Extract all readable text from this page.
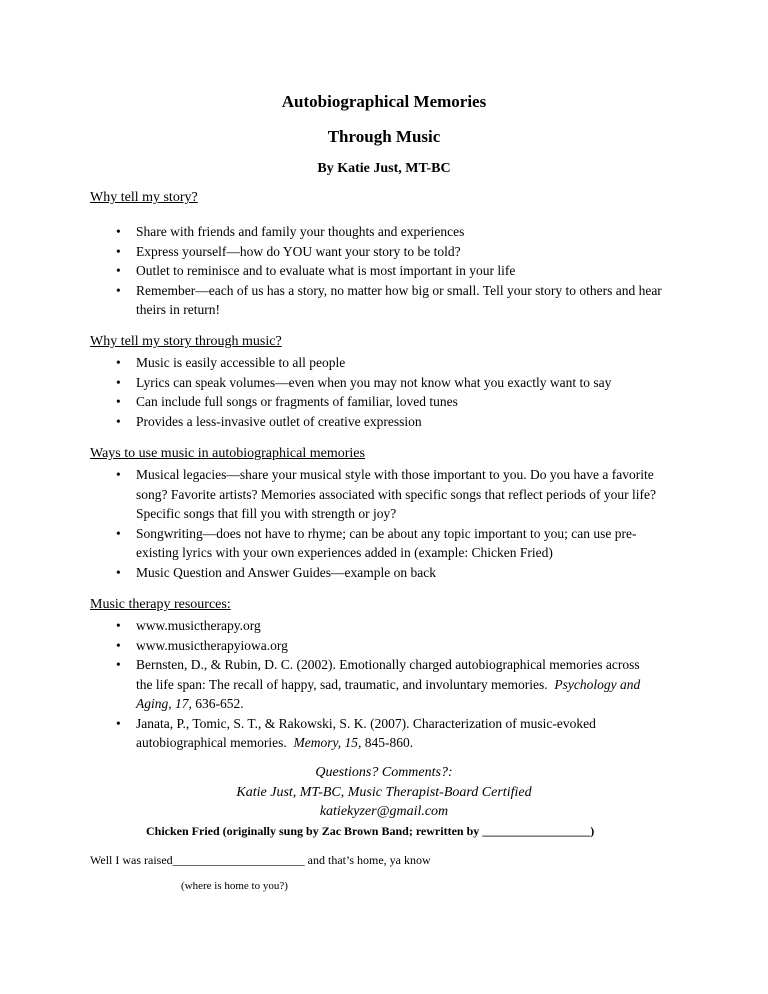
Autobiographical Memories
Through Music
By Katie Just, MT-BC
Why tell my story?
• Share with friends and family your thoughts and experiences
• Express yourself—how do YOU want your story to be told?
• Outlet to reminisce and to evaluate what is most important in your life
• Remember—each of us has a story, no matter how big or small. Tell your story to others and hear
theirs in return!
Why tell my story through music?
• Music is easily accessible to all people
• Lyrics can speak volumes—even when you may not know what you exactly want to say
• Can include full songs or fragments of familiar, loved tunes
• Provides a less-invasive outlet of creative expression
Ways to use music in autobiographical memories
• Musical legacies—share your musical style with those important to you. Do you have a favorite
song? Favorite artists? Memories associated with specific songs that reflect periods of your life?
Specific songs that fill you with strength or joy?
• Songwriting—does not have to rhyme; can be about any topic important to you; can use pre-
existing lyrics with your own experiences added in (example: Chicken Fried)
• Music Question and Answer Guides—example on back
Music therapy resources:
• www.musictherapy.org
• www.musictherapyiowa.org
• Bernsten, D., & Rubin, D. C. (2002). Emotionally charged autobiographical memories across
the life span: The recall of happy, sad, traumatic, and involuntary memories. Psychology and
Aging, 17, 636-652.
• Janata, P., Tomic, S. T., & Rakowski, S. K. (2007). Characterization of music-evoked
autobiographical memories. Memory, 15, 845-860.
Questions? Comments?:
Katie Just, MT-BC, Music Therapist-Board Certified
katiekyzer@gmail.com
Chicken Fried (originally sung by Zac Brown Band; rewritten by __________________)
Well I was raised______________________ and that’s home, ya know
(where is home to you?)
